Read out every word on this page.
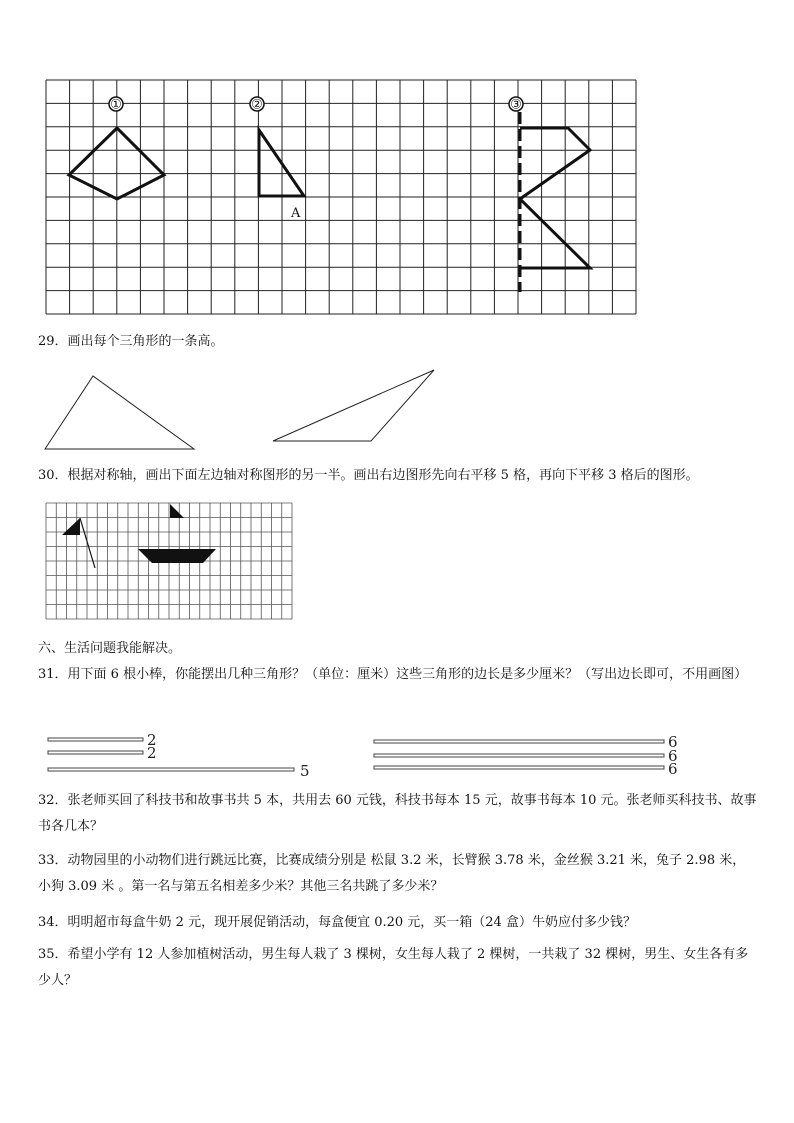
①	②	③
A
29．画出每个三角形的一条高。
30．根据对称轴，画出下面左边轴对称图形的另一半。画出右边图形先向右平移 5 格，再向下平移 3 格后的图形。
六、生活问题我能解决。
31．用下面 6 根小棒，你能摆出几种三角形？（单位：厘米）这些三角形的边长是多少厘米？（写出边长即可，不用画图）
2
2
5
6
6
6
32．张老师买回了科技书和故事书共 5 本，共用去 60 元钱，科技书每本 15 元，故事书每本 10 元。张老师买科技书、故事书各几本？
33．动物园里的小动物们进行跳远比赛，比赛成绩分别是 松鼠 3.2 米，长臂猴 3.78 米，金丝猴 3.21 米，兔子 2.98 米，小狗 3.09 米 。第一名与第五名相差多少米？其他三名共跳了多少米？
34．明明超市每盒牛奶 2 元，现开展促销活动，每盒便宜 0.20 元，买一箱（24 盒）牛奶应付多少钱？
35．希望小学有 12 人参加植树活动，男生每人栽了 3 棵树，女生每人栽了 2 棵树，一共栽了 32 棵树，男生、女生各有多少人？
